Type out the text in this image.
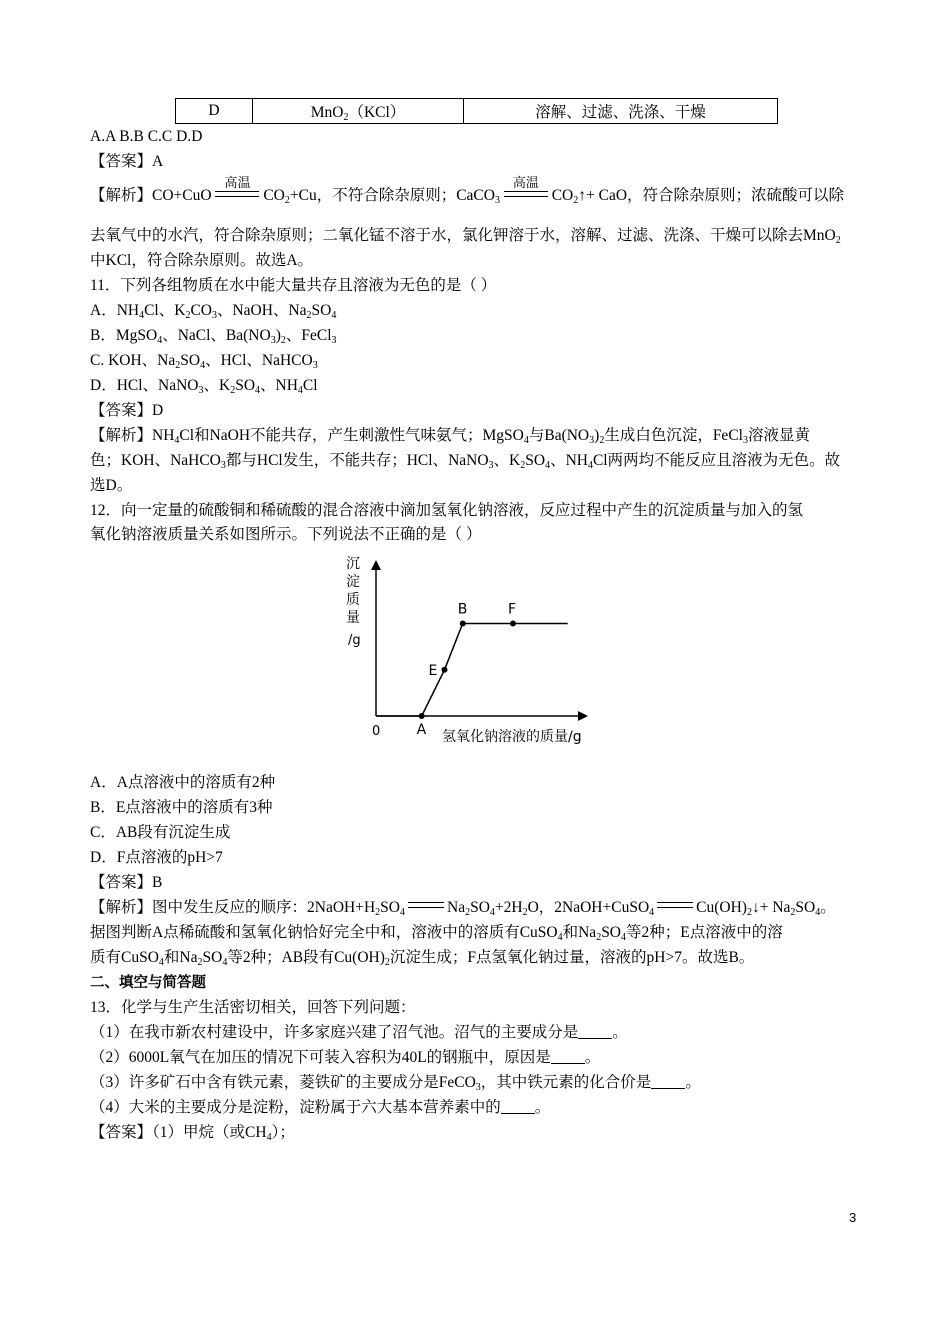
D	MnO$_2$（KCl）	溶解、过滤、洗涤、干燥
A.A B.B C.C D.D
【答案】A
【解析】CO+CuO
高温
$CO_2+Cu$，不符合除杂原则；CaCO$_3$
高温
$CO_2↑+$ CaO，符合除杂原则；浓硫酸可以除
去氧气中的水汽，符合除杂原则；二氧化锰不溶于水，氯化钾溶于水，溶解、过滤、洗涤、干燥可以除去MnO$_2$
中KCl，符合除杂原则。故选A。
11．下列各组物质在水中能大量共存且溶液为无色的是（ ）
A．$NH_4Cl$、$K_2CO_3$、NaOH、$Na_2SO_4$
B．MgSO$_4$、NaCl、$Ba(NO_3)_2$、FeCl$_3$
C. KOH、$Na_2SO_4$、HCl、NaHCO$_3$
D．HCl、NaNO$_3$、$K_2SO_4$、$NH_4Cl$
【答案】D
【解析】$NH_4Cl$和NaOH不能共存，产生刺激性气味氨气；MgSO$_4$与$Ba(NO_3)_2$生成白色沉淀，FeCl$_3$溶液显黄
色；KOH、NaHCO$_3$都与HCl发生，不能共存；HCl、NaNO$_3$、$K_2SO_4$、$NH_4Cl$两两均不能反应且溶液为无色。故
选D。
12．向一定量的硫酸铜和稀硫酸的混合溶液中滴加氢氧化钠溶液，反应过程中产生的沉淀质量与加入的氢
氧化钠溶液质量关系如图所示。下列说法不正确的是（ ）
沉
淀
质
量
/g
0	氢氧化钠溶液的质量/g
A
E
B	F
A．A点溶液中的溶质有2种
B．E点溶液中的溶质有3种
C．AB段有沉淀生成
D．F点溶液的pH>7
【答案】B
【解析】图中发生反应的顺序：$2NaOH+H_2SO_4$	$Na_2SO_4+2H_2O$，2NaOH+CuSO$_4$	$Cu(OH)_2↓+ Na_2SO_4$。
据图判断A点稀硫酸和氢氧化钠恰好完全中和，溶液中的溶质有CuSO$_4$和$Na_2SO_4$等2种；E点溶液中的溶
质有CuSO$_4$和$Na_2SO_4$等2种；AB段有$Cu(OH)_2$沉淀生成；F点氢氧化钠过量，溶液的pH>7。故选B。
二、填空与简答题
13．化学与生产生活密切相关，回答下列问题：
（1）在我市新农村建设中，许多家庭兴建了沼气池。沼气的主要成分是 。
（2）6000L氧气在加压的情况下可装入容积为40L的钢瓶中，原因是 。
（3）许多矿石中含有铁元素，菱铁矿的主要成分是FeCO$_3$，其中铁元素的化合价是 。
（4）大米的主要成分是淀粉，淀粉属于六大基本营养素中的 。
【答案】（1）甲烷（或$CH_4$）；
3
